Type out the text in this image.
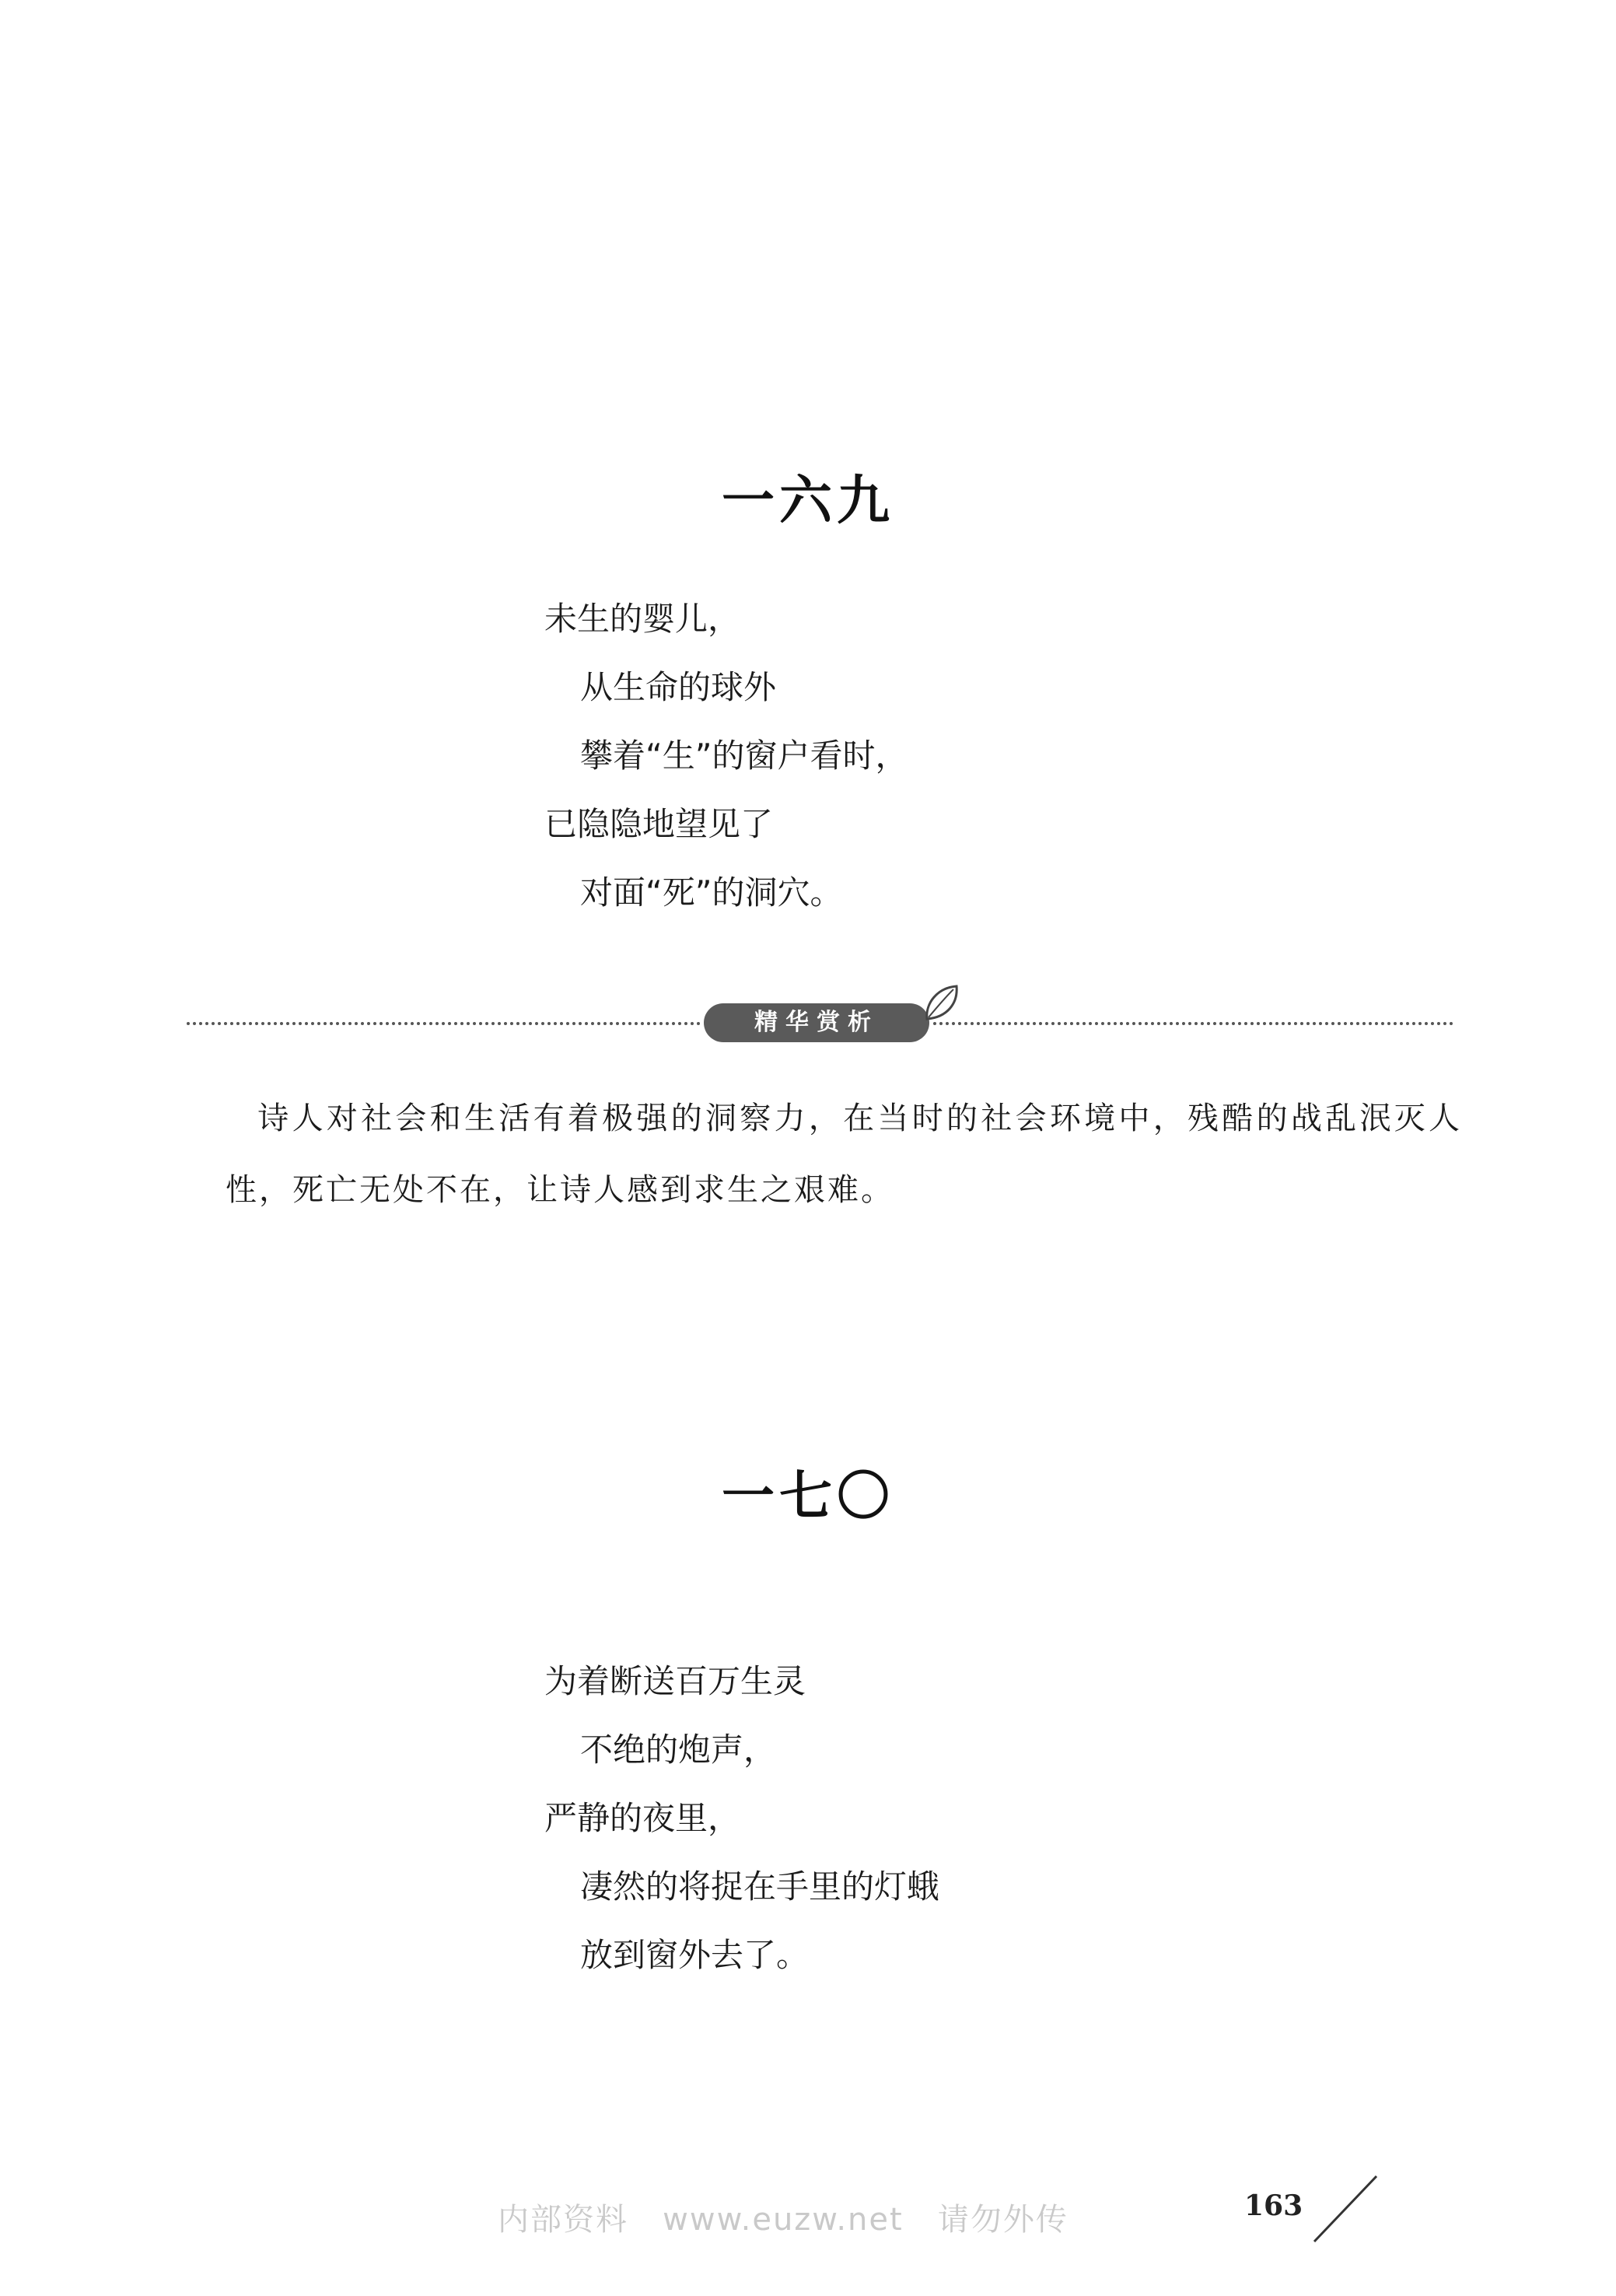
一六九
未生的婴儿，
从生命的球外
攀着“生”的窗户看时，
已隐隐地望见了
对面“死”的洞穴。
精华赏析

诗人对社会和生活有着极强的洞察力，在当时的社会环境中，残酷的战乱泯灭人性，死亡无处不在，让诗人感到求生之艰难。

一七〇
为着断送百万生灵
不绝的炮声，
严静的夜里，
凄然的将捉在手里的灯蛾
放到窗外去了。
内部资料   www.euzw.net   请勿外传	163
